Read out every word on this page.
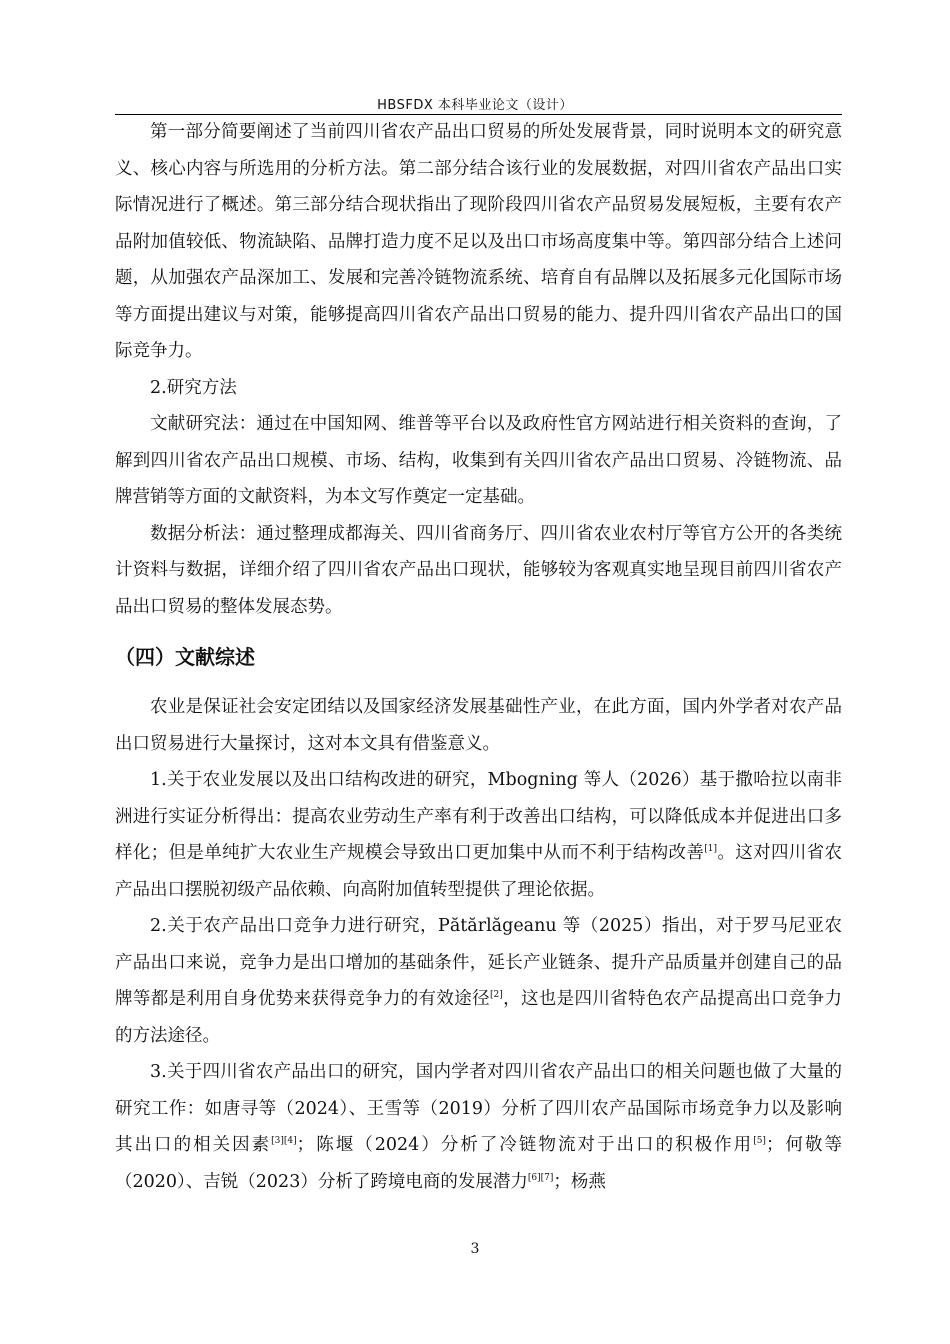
HBSFDX 本科毕业论文（设计）

第一部分简要阐述了当前四川省农产品出口贸易的所处发展背景，同时说明本文的研究意义、核心内容与所选用的分析方法。第二部分结合该行业的发展数据，对四川省农产品出口实际情况进行了概述。第三部分结合现状指出了现阶段四川省农产品贸易发展短板，主要有农产品附加值较低、物流缺陷、品牌打造力度不足以及出口市场高度集中等。第四部分结合上述问题，从加强农产品深加工、发展和完善冷链物流系统、培育自有品牌以及拓展多元化国际市场等方面提出建议与对策，能够提高四川省农产品出口贸易的能力、提升四川省农产品出口的国际竞争力。

2.研究方法

文献研究法：通过在中国知网、维普等平台以及政府性官方网站进行相关资料的查询，了解到四川省农产品出口规模、市场、结构，收集到有关四川省农产品出口贸易、冷链物流、品牌营销等方面的文献资料，为本文写作奠定一定基础。

数据分析法：通过整理成都海关、四川省商务厅、四川省农业农村厅等官方公开的各类统计资料与数据，详细介绍了四川省农产品出口现状，能够较为客观真实地呈现目前四川省农产品出口贸易的整体发展态势。

（四）文献综述

农业是保证社会安定团结以及国家经济发展基础性产业，在此方面，国内外学者对农产品出口贸易进行大量探讨，这对本文具有借鉴意义。

1.关于农业发展以及出口结构改进的研究，Mbogning 等人（2026）基于撒哈拉以南非洲进行实证分析得出：提高农业劳动生产率有利于改善出口结构，可以降低成本并促进出口多样化；但是单纯扩大农业生产规模会导致出口更加集中从而不利于结构改善[1]。这对四川省农产品出口摆脱初级产品依赖、向高附加值转型提供了理论依据。

2.关于农产品出口竞争力进行研究，Pătărlăgeanu 等（2025）指出，对于罗马尼亚农产品出口来说，竞争力是出口增加的基础条件，延长产业链条、提升产品质量并创建自己的品牌等都是利用自身优势来获得竞争力的有效途径[2]，这也是四川省特色农产品提高出口竞争力的方法途径。

3.关于四川省农产品出口的研究，国内学者对四川省农产品出口的相关问题也做了大量的研究工作：如唐寻等（2024）、王雪等（2019）分析了四川农产品国际市场竞争力以及影响其出口的相关因素[3][4]；陈堰（2024）分析了冷链物流对于出口的积极作用[5]；何敬等（2020）、吉锐（2023）分析了跨境电商的发展潜力[6][7]；杨燕

3
